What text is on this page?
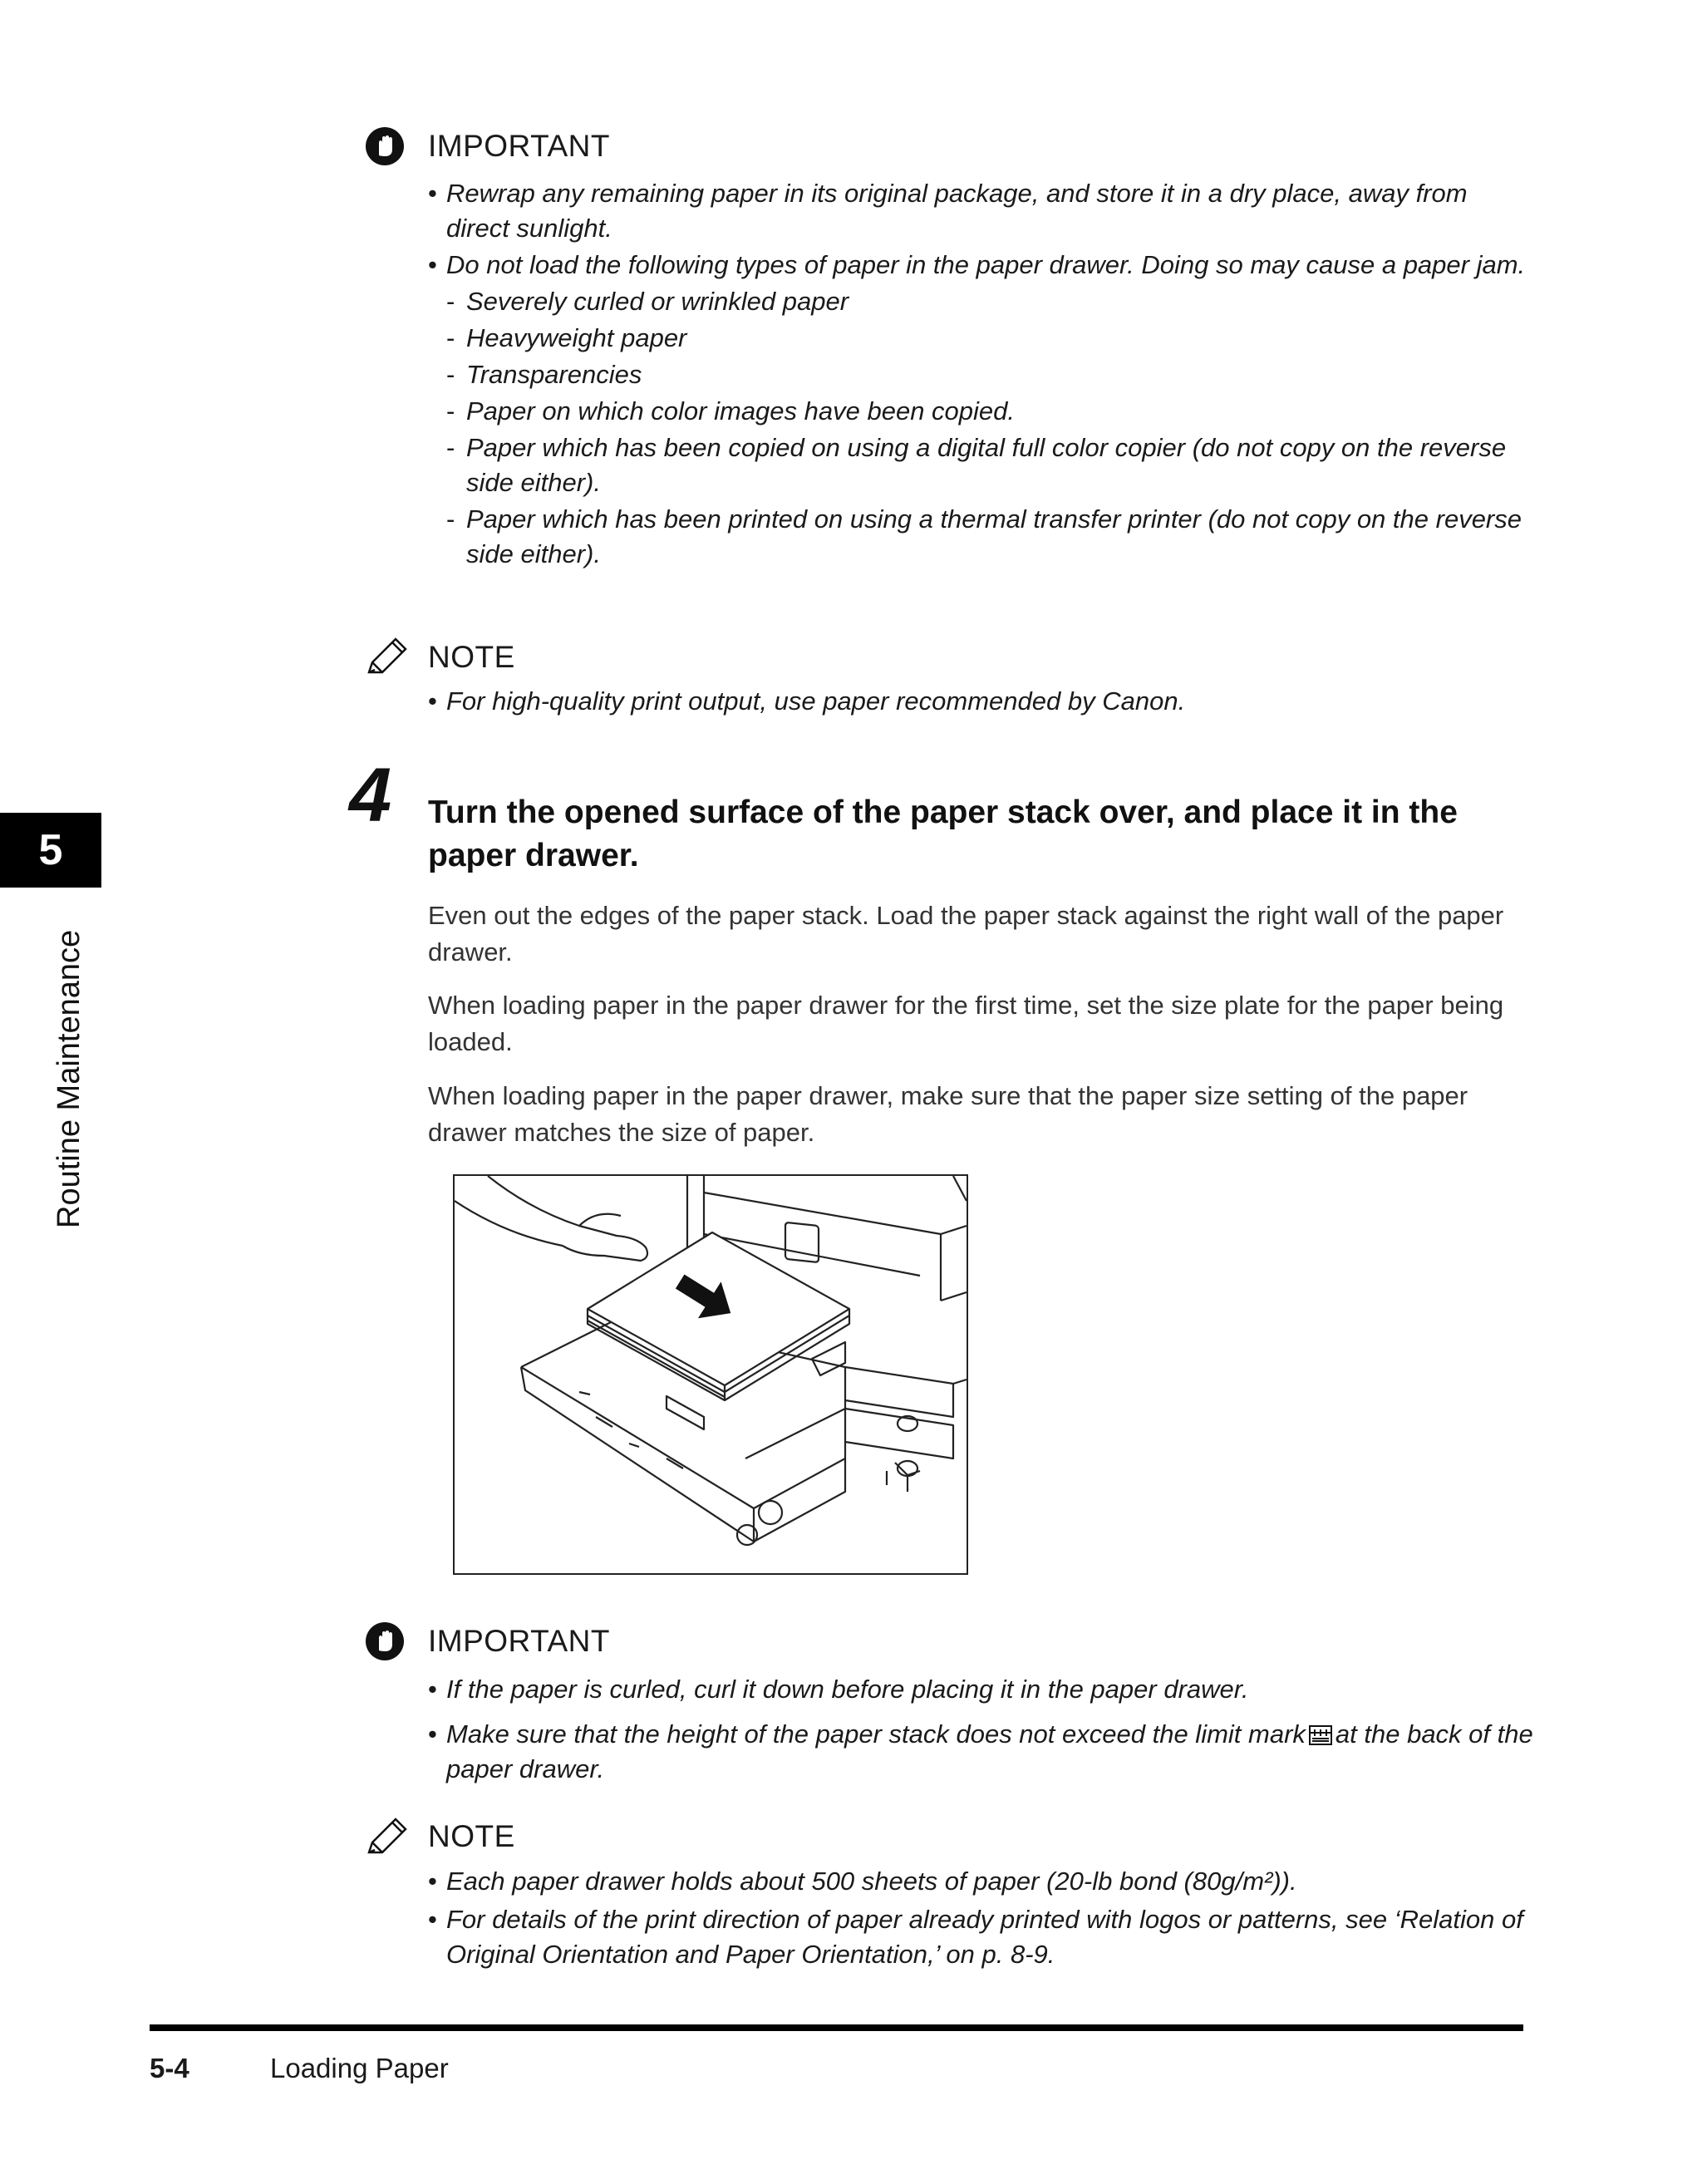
IMPORTANT
• Rewrap any remaining paper in its original package, and store it in a dry place, away from direct sunlight.
• Do not load the following types of paper in the paper drawer. Doing so may cause a paper jam.
- Severely curled or wrinkled paper
- Heavyweight paper
- Transparencies
- Paper on which color images have been copied.
- Paper which has been copied on using a digital full color copier (do not copy on the reverse side either).
- Paper which has been printed on using a thermal transfer printer (do not copy on the reverse side either).
NOTE
• For high-quality print output, use paper recommended by Canon.
4 Turn the opened surface of the paper stack over, and place it in the paper drawer.
Even out the edges of the paper stack. Load the paper stack against the right wall of the paper drawer.
When loading paper in the paper drawer for the first time, set the size plate for the paper being loaded.
When loading paper in the paper drawer, make sure that the paper size setting of the paper drawer matches the size of paper.
IMPORTANT
• If the paper is curled, curl it down before placing it in the paper drawer.
• Make sure that the height of the paper stack does not exceed the limit mark at the back of the paper drawer.
NOTE
• Each paper drawer holds about 500 sheets of paper (20-lb bond (80g/m²)).
• For details of the print direction of paper already printed with logos or patterns, see ‘Relation of Original Orientation and Paper Orientation,’ on p. 8-9.
5
Routine Maintenance
5-4	Loading Paper
